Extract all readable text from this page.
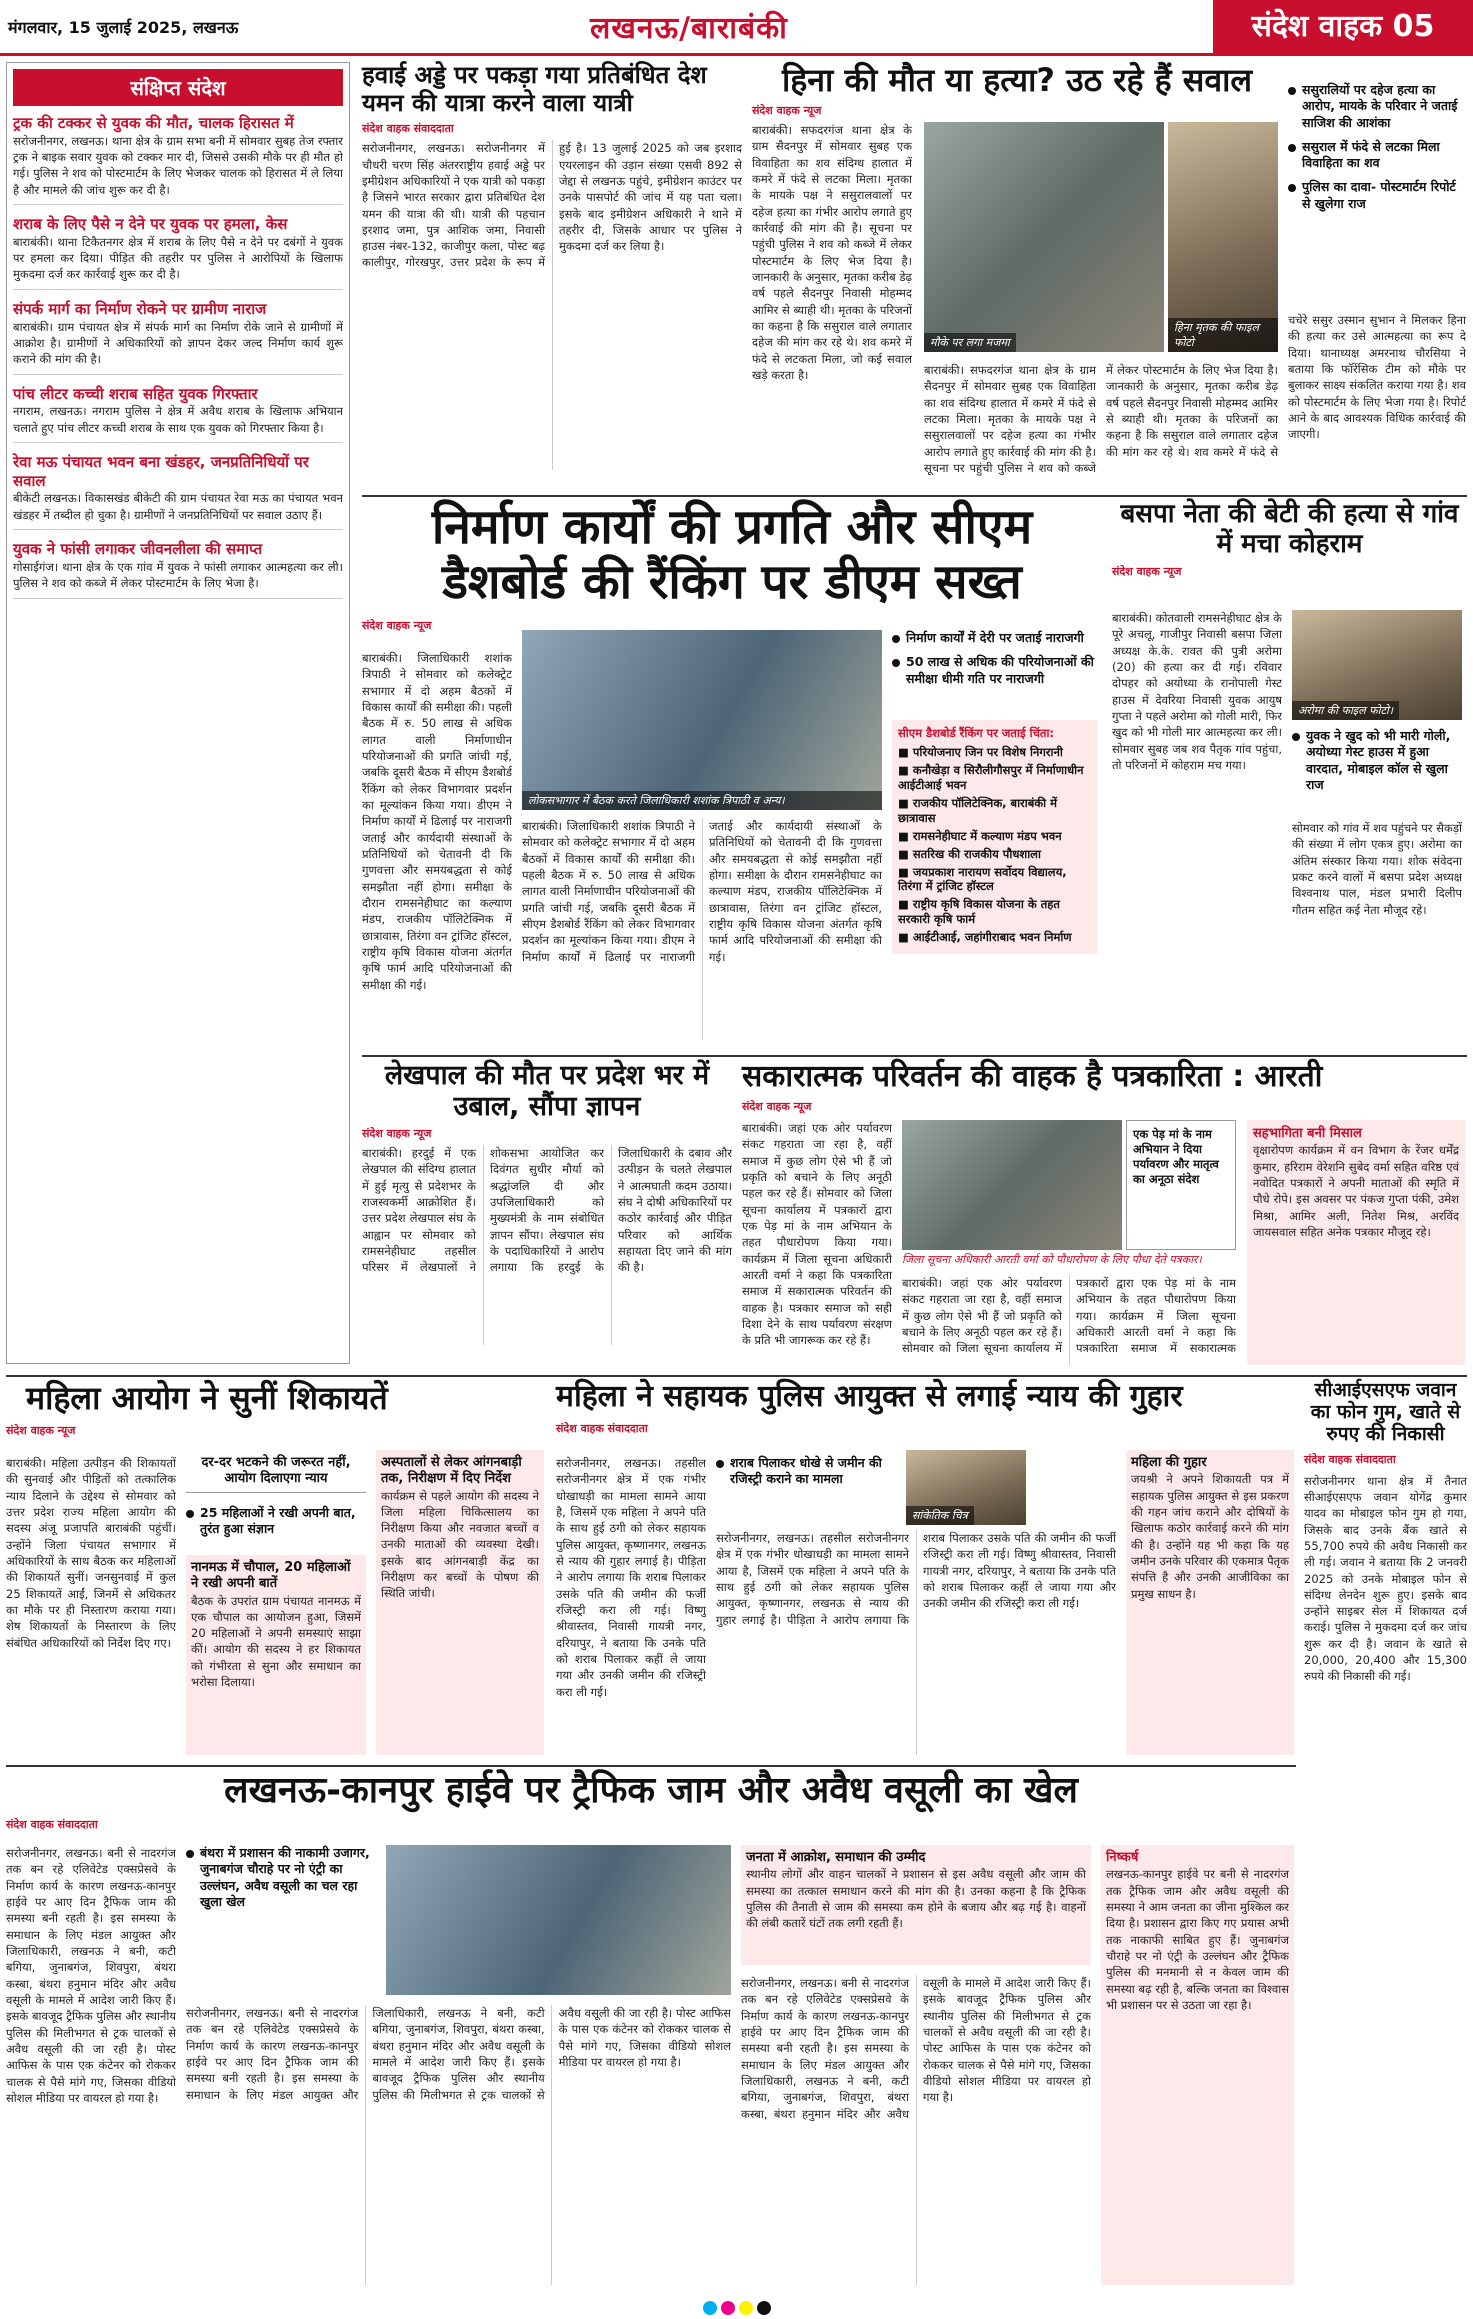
मंगलवार, 15 जुलाई 2025, लखनऊ	लखनऊ/बाराबंकी	संदेश वाहक 05
संक्षिप्त संदेश
ट्रक की टक्कर से युवक की मौत, चालक हिरासत में
सरोजनीनगर, लखनऊ। थाना क्षेत्र के ग्राम सभा बनी में सोमवार सुबह तेज रफ्तार ट्रक ने बाइक सवार युवक को टक्कर मार दी, जिससे उसकी मौके पर ही मौत हो गई। पुलिस ने शव को पोस्टमार्टम के लिए भेजकर चालक को हिरासत में ले लिया है और मामले की जांच शुरू कर दी है।
शराब के लिए पैसे न देने पर युवक पर हमला, केस
बाराबंकी। थाना टिकैतनगर क्षेत्र में शराब के लिए पैसे न देने पर दबंगों ने युवक पर हमला कर दिया। पीड़ित की तहरीर पर पुलिस ने आरोपियों के खिलाफ मुकदमा दर्ज कर कार्रवाई शुरू कर दी है।
संपर्क मार्ग का निर्माण रोकने पर ग्रामीण नाराज
बाराबंकी। ग्राम पंचायत क्षेत्र में संपर्क मार्ग का निर्माण रोके जाने से ग्रामीणों में आक्रोश है। ग्रामीणों ने अधिकारियों को ज्ञापन देकर जल्द निर्माण कार्य शुरू कराने की मांग की है।
पांच लीटर कच्ची शराब सहित युवक गिरफ्तार
नगराम, लखनऊ। नगराम पुलिस ने क्षेत्र में अवैध शराब के खिलाफ अभियान चलाते हुए पांच लीटर कच्ची शराब के साथ एक युवक को गिरफ्तार किया है।
रेवा मऊ पंचायत भवन बना खंडहर, जनप्रतिनिधियों पर सवाल
बीकेटी लखनऊ। विकासखंड बीकेटी की ग्राम पंचायत रेवा मऊ का पंचायत भवन खंडहर में तब्दील हो चुका है। ग्रामीणों ने जनप्रतिनिधियों पर सवाल उठाए हैं।
युवक ने फांसी लगाकर जीवनलीला की समाप्त
गोसाईगंज। थाना क्षेत्र के एक गांव में युवक ने फांसी लगाकर आत्महत्या कर ली। पुलिस ने शव को कब्जे में लेकर पोस्टमार्टम के लिए भेजा है।
हवाई अड्डे पर पकड़ा गया प्रतिबंधित देश यमन की यात्रा करने वाला यात्री
संदेश वाहक संवाददाता
सरोजनीनगर, लखनऊ। सरोजनीनगर में चौधरी चरण सिंह अंतरराष्ट्रीय हवाई अड्डे पर इमीग्रेशन अधिकारियों ने एक यात्री को पकड़ा है जिसने भारत सरकार द्वारा प्रतिबंधित देश यमन की यात्रा की थी। यात्री की पहचान इरशाद जमा, पुत्र आशिक जमा, निवासी हाउस नंबर-132, काजीपुर कला, पोस्ट बढ़ कालीपुर, गोरखपुर, उत्तर प्रदेश के रूप में हुई है। 13 जुलाई 2025 को जब इरशाद एयरलाइन की उड़ान संख्या एसवी 892 से जेद्दा से लखनऊ पहुंचे, इमीग्रेशन काउंटर पर उनके पासपोर्ट की जांच में यह पता चला। इसके बाद इमीग्रेशन अधिकारी ने थाने में तहरीर दी, जिसके आधार पर पुलिस ने मुकदमा दर्ज कर लिया है।
हिना की मौत या हत्या? उठ रहे हैं सवाल
संदेश वाहक न्यूज
बाराबंकी। सफदरगंज थाना क्षेत्र के ग्राम सैदनपुर में सोमवार सुबह एक विवाहिता का शव संदिग्ध हालात में कमरे में फंदे से लटका मिला। मृतका के मायके पक्ष ने ससुरालवालों पर दहेज हत्या का गंभीर आरोप लगाते हुए कार्रवाई की मांग की है। सूचना पर पहुंची पुलिस ने शव को कब्जे में लेकर पोस्टमार्टम के लिए भेज दिया है। जानकारी के अनुसार, मृतका करीब डेढ़ वर्ष पहले सैदनपुर निवासी मोहम्मद आमिर से ब्याही थी। मृतका के परिजनों का कहना है कि ससुराल वाले लगातार दहेज की मांग कर रहे थे। शव कमरे में फंदे से लटकता मिला, जो कई सवाल खड़े करता है।
मौके पर लगा मजमा
हिना मृतक की फाइल फोटो
बाराबंकी। सफदरगंज थाना क्षेत्र के ग्राम सैदनपुर में सोमवार सुबह एक विवाहिता का शव संदिग्ध हालात में कमरे में फंदे से लटका मिला। मृतका के मायके पक्ष ने ससुरालवालों पर दहेज हत्या का गंभीर आरोप लगाते हुए कार्रवाई की मांग की है। सूचना पर पहुंची पुलिस ने शव को कब्जे में लेकर पोस्टमार्टम के लिए भेज दिया है। जानकारी के अनुसार, मृतका करीब डेढ़ वर्ष पहले सैदनपुर निवासी मोहम्मद आमिर से ब्याही थी। मृतका के परिजनों का कहना है कि ससुराल वाले लगातार दहेज की मांग कर रहे थे। शव कमरे में फंदे से
ससुरालियों पर दहेज हत्या का आरोप, मायके के परिवार ने जताई साजिश की आशंका
ससुराल में फंदे से लटका मिला विवाहिता का शव
पुलिस का दावा- पोस्टमार्टम रिपोर्ट से खुलेगा राज
चचेरे ससुर उस्मान सुभान ने मिलकर हिना की हत्या कर उसे आत्महत्या का रूप दे दिया। थानाध्यक्ष अमरनाथ चौरसिया ने बताया कि फॉरेंसिक टीम को मौके पर बुलाकर साक्ष्य संकलित कराया गया है। शव को पोस्टमार्टम के लिए भेजा गया है। रिपोर्ट आने के बाद आवश्यक विधिक कार्रवाई की जाएगी।
निर्माण कार्यों की प्रगति और सीएम डैशबोर्ड की रैंकिंग पर डीएम सख्त
संदेश वाहक न्यूज
बाराबंकी। जिलाधिकारी शशांक त्रिपाठी ने सोमवार को कलेक्ट्रेट सभागार में दो अहम बैठकों में विकास कार्यों की समीक्षा की। पहली बैठक में रु. 50 लाख से अधिक लागत वाली निर्माणाधीन परियोजनाओं की प्रगति जांची गई, जबकि दूसरी बैठक में सीएम डैशबोर्ड रैंकिंग को लेकर विभागवार प्रदर्शन का मूल्यांकन किया गया। डीएम ने निर्माण कार्यों में ढिलाई पर नाराजगी जताई और कार्यदायी संस्थाओं के प्रतिनिधियों को चेतावनी दी कि गुणवत्ता और समयबद्धता से कोई समझौता नहीं होगा। समीक्षा के दौरान रामसनेहीघाट का कल्याण मंडप, राजकीय पॉलिटेक्निक में छात्रावास, तिरंगा वन ट्रांजिट हॉस्टल, राष्ट्रीय कृषि विकास योजना अंतर्गत कृषि फार्म आदि परियोजनाओं की समीक्षा की गई।
लोकसभागार में बैठक करते जिलाधिकारी शशांक त्रिपाठी व अन्य।
बाराबंकी। जिलाधिकारी शशांक त्रिपाठी ने सोमवार को कलेक्ट्रेट सभागार में दो अहम बैठकों में विकास कार्यों की समीक्षा की। पहली बैठक में रु. 50 लाख से अधिक लागत वाली निर्माणाधीन परियोजनाओं की प्रगति जांची गई, जबकि दूसरी बैठक में सीएम डैशबोर्ड रैंकिंग को लेकर विभागवार प्रदर्शन का मूल्यांकन किया गया। डीएम ने निर्माण कार्यों में ढिलाई पर नाराजगी जताई और कार्यदायी संस्थाओं के प्रतिनिधियों को चेतावनी दी कि गुणवत्ता और समयबद्धता से कोई समझौता नहीं होगा। समीक्षा के दौरान रामसनेहीघाट का कल्याण मंडप, राजकीय पॉलिटेक्निक में छात्रावास, तिरंगा वन ट्रांजिट हॉस्टल, राष्ट्रीय कृषि विकास योजना अंतर्गत कृषि फार्म आदि परियोजनाओं की समीक्षा की गई।
निर्माण कार्यों में देरी पर जताई नाराजगी
50 लाख से अधिक की परियोजनाओं की समीक्षा धीमी गति पर नाराजगी
सीएम डैशबोर्ड रैंकिंग पर जताई चिंता:
■ परियोजनाए जिन पर विशेष निगरानी
■ कनौखेड़ा व सिरौलीगौसपुर में निर्माणाधीन आईटीआई भवन
■ राजकीय पॉलिटेक्निक, बाराबंकी में छात्रावास
■ रामसनेहीघाट में कल्याण मंडप भवन
■ सतरिख की राजकीय पौधशाला
■ जयप्रकाश नारायण सर्वोदय विद्यालय, तिरंगा में ट्रांजिट हॉस्टल
■ राष्ट्रीय कृषि विकास योजना के तहत सरकारी कृषि फार्म
■ आईटीआई, जहांगीराबाद भवन निर्माण
बसपा नेता की बेटी की हत्या से गांव में मचा कोहराम
संदेश वाहक न्यूज
बाराबंकी। कोतवाली रामसनेहीघाट क्षेत्र के पूरे अचलू, गाजीपुर निवासी बसपा जिला अध्यक्ष के.के. रावत की पुत्री अरोमा (20) की हत्या कर दी गई। रविवार दोपहर को अयोध्या के रानोपाली गेस्ट हाउस में देवरिया निवासी युवक आयुष गुप्ता ने पहले अरोमा को गोली मारी, फिर खुद को भी गोली मार आत्महत्या कर ली। सोमवार सुबह जब शव पैतृक गांव पहुंचा, तो परिजनों में कोहराम मच गया।
अरोमा की फाइल फोटो।
युवक ने खुद को भी मारी गोली, अयोध्या गेस्ट हाउस में हुआ वारदात, मोबाइल कॉल से खुला राज
सोमवार को गांव में शव पहुंचने पर सैकड़ों की संख्या में लोग एकत्र हुए। अरोमा का अंतिम संस्कार किया गया। शोक संवेदना प्रकट करने वालों में बसपा प्रदेश अध्यक्ष विश्वनाथ पाल, मंडल प्रभारी दिलीप गौतम सहित कई नेता मौजूद रहे।
लेखपाल की मौत पर प्रदेश भर में उबाल, सौंपा ज्ञापन
संदेश वाहक न्यूज
बाराबंकी। हरदुई में एक लेखपाल की संदिग्ध हालात में हुई मृत्यु से प्रदेशभर के राजस्वकर्मी आक्रोशित हैं। उत्तर प्रदेश लेखपाल संघ के आह्वान पर सोमवार को रामसनेहीघाट तहसील परिसर में लेखपालों ने शोकसभा आयोजित कर दिवंगत सुधीर मौर्या को श्रद्धांजलि दी और उपजिलाधिकारी को मुख्यमंत्री के नाम संबोधित ज्ञापन सौंपा। लेखपाल संघ के पदाधिकारियों ने आरोप लगाया कि हरदुई के जिलाधिकारी के दबाव और उत्पीड़न के चलते लेखपाल ने आत्मघाती कदम उठाया। संघ ने दोषी अधिकारियों पर कठोर कार्रवाई और पीड़ित परिवार को आर्थिक सहायता दिए जाने की मांग की है।
सकारात्मक परिवर्तन की वाहक है पत्रकारिता : आरती
संदेश वाहक न्यूज
बाराबंकी। जहां एक ओर पर्यावरण संकट गहराता जा रहा है, वहीं समाज में कुछ लोग ऐसे भी हैं जो प्रकृति को बचाने के लिए अनूठी पहल कर रहे हैं। सोमवार को जिला सूचना कार्यालय में पत्रकारों द्वारा एक पेड़ मां के नाम अभियान के तहत पौधारोपण किया गया। कार्यक्रम में जिला सूचना अधिकारी आरती वर्मा ने कहा कि पत्रकारिता समाज में सकारात्मक परिवर्तन की वाहक है। पत्रकार समाज को सही दिशा देने के साथ पर्यावरण संरक्षण के प्रति भी जागरूक कर रहे हैं।
एक पेड़ मां के नाम अभियान ने दिया पर्यावरण और मातृत्व का अनूठा संदेश
जिला सूचना अधिकारी आरती वर्मा को पौधारोपण के लिए पौधा देते पत्रकार।
बाराबंकी। जहां एक ओर पर्यावरण संकट गहराता जा रहा है, वहीं समाज में कुछ लोग ऐसे भी हैं जो प्रकृति को बचाने के लिए अनूठी पहल कर रहे हैं। सोमवार को जिला सूचना कार्यालय में पत्रकारों द्वारा एक पेड़ मां के नाम अभियान के तहत पौधारोपण किया गया। कार्यक्रम में जिला सूचना अधिकारी आरती वर्मा ने कहा कि पत्रकारिता समाज में सकारात्मक
सहभागिता बनी मिसाल
वृक्षारोपण कार्यक्रम में वन विभाग के रेंजर धर्मेंद्र कुमार, हरिराम वेरेशनि सुबेद वर्मा सहित वरिष्ठ एवं नवोदित पत्रकारों ने अपनी माताओं की स्मृति में पौधे रोपे। इस अवसर पर पंकज गुप्ता पंकी, उमेश मिश्रा, आमिर अली, नितेश मिश्र, अरविंद जायसवाल सहित अनेक पत्रकार मौजूद रहे।
महिला आयोग ने सुनीं शिकायतें
संदेश वाहक न्यूज
बाराबंकी। महिला उत्पीड़न की शिकायतों की सुनवाई और पीड़ितों को तत्कालिक न्याय दिलाने के उद्देश्य से सोमवार को उत्तर प्रदेश राज्य महिला आयोग की सदस्य अंजू प्रजापति बाराबंकी पहुंचीं। उन्होंने जिला पंचायत सभागार में अधिकारियों के साथ बैठक कर महिलाओं की शिकायतें सुनीं। जनसुनवाई में कुल 25 शिकायतें आईं, जिनमें से अधिकतर का मौके पर ही निस्तारण कराया गया। शेष शिकायतों के निस्तारण के लिए संबंधित अधिकारियों को निर्देश दिए गए।
दर-दर भटकने की जरूरत नहीं, आयोग दिलाएगा न्याय
25 महिलाओं ने रखी अपनी बात, तुरंत हुआ संज्ञान
नानमऊ में चौपाल, 20 महिलाओं ने रखी अपनी बातें
बैठक के उपरांत ग्राम पंचायत नानमऊ में एक चौपाल का आयोजन हुआ, जिसमें 20 महिलाओं ने अपनी समस्याएं साझा कीं। आयोग की सदस्य ने हर शिकायत को गंभीरता से सुना और समाधान का भरोसा दिलाया।
अस्पतालों से लेकर आंगनबाड़ी तक, निरीक्षण में दिए निर्देश
कार्यक्रम से पहले आयोग की सदस्य ने जिला महिला चिकित्सालय का निरीक्षण किया और नवजात बच्चों व उनकी माताओं की व्यवस्था देखी। इसके बाद आंगनबाड़ी केंद्र का निरीक्षण कर बच्चों के पोषण की स्थिति जांची।
महिला ने सहायक पुलिस आयुक्त से लगाई न्याय की गुहार
संदेश वाहक संवाददाता
सरोजनीनगर, लखनऊ। तहसील सरोजनीनगर क्षेत्र में एक गंभीर धोखाधड़ी का मामला सामने आया है, जिसमें एक महिला ने अपने पति के साथ हुई ठगी को लेकर सहायक पुलिस आयुक्त, कृष्णानगर, लखनऊ से न्याय की गुहार लगाई है। पीड़िता ने आरोप लगाया कि शराब पिलाकर उसके पति की जमीन की फर्जी रजिस्ट्री करा ली गई। विष्णु श्रीवास्तव, निवासी गायत्री नगर, दरियापुर, ने बताया कि उनके पति को शराब पिलाकर कहीं ले जाया गया और उनकी जमीन की रजिस्ट्री करा ली गई।
शराब पिलाकर धोखे से जमीन की रजिस्ट्री कराने का मामला
सरोजनीनगर, लखनऊ। तहसील सरोजनीनगर क्षेत्र में एक गंभीर धोखाधड़ी का मामला सामने आया है, जिसमें एक महिला ने अपने पति के साथ हुई ठगी को लेकर सहायक पुलिस आयुक्त, कृष्णानगर, लखनऊ से न्याय की गुहार लगाई है। पीड़िता ने आरोप लगाया कि शराब पिलाकर उसके पति की जमीन की फर्जी रजिस्ट्री करा ली गई। विष्णु श्रीवास्तव, निवासी गायत्री नगर, दरियापुर, ने बताया कि उनके पति को शराब पिलाकर कहीं ले जाया गया और उनकी जमीन की रजिस्ट्री करा ली गई।
सांकेतिक चित्र
महिला की गुहार
जयश्री ने अपने शिकायती पत्र में सहायक पुलिस आयुक्त से इस प्रकरण की गहन जांच कराने और दोषियों के खिलाफ कठोर कार्रवाई करने की मांग की है। उन्होंने यह भी कहा कि यह जमीन उनके परिवार की एकमात्र पैतृक संपत्ति है और उनकी आजीविका का प्रमुख साधन है।
सीआईएसएफ जवान का फोन गुम, खाते से रुपए की निकासी
संदेश वाहक संवाददाता
सरोजनीनगर थाना क्षेत्र में तैनात सीआईएसएफ जवान योगेंद्र कुमार यादव का मोबाइल फोन गुम हो गया, जिसके बाद उनके बैंक खाते से 55,700 रुपये की अवैध निकासी कर ली गई। जवान ने बताया कि 2 जनवरी 2025 को उनके मोबाइल फोन से संदिग्ध लेनदेन शुरू हुए। इसके बाद उन्होंने साइबर सेल में शिकायत दर्ज कराई। पुलिस ने मुकदमा दर्ज कर जांच शुरू कर दी है। जवान के खाते से 20,000, 20,400 और 15,300 रुपये की निकासी की गई।
लखनऊ-कानपुर हाईवे पर ट्रैफिक जाम और अवैध वसूली का खेल
संदेश वाहक संवाददाता
सरोजनीनगर, लखनऊ। बनी से नादरगंज तक बन रहे एलिवेटेड एक्सप्रेसवे के निर्माण कार्य के कारण लखनऊ-कानपुर हाईवे पर आए दिन ट्रैफिक जाम की समस्या बनी रहती है। इस समस्या के समाधान के लिए मंडल आयुक्त और जिलाधिकारी, लखनऊ ने बनी, कटी बगिया, जुनाबगंज, शिवपुरा, बंथरा कस्बा, बंथरा हनुमान मंदिर और अवैध वसूली के मामले में आदेश जारी किए हैं। इसके बावजूद ट्रैफिक पुलिस और स्थानीय पुलिस की मिलीभगत से ट्रक चालकों से अवैध वसूली की जा रही है। पोस्ट आफिस के पास एक कंटेनर को रोककर चालक से पैसे मांगे गए, जिसका वीडियो सोशल मीडिया पर वायरल हो गया है।
बंथरा में प्रशासन की नाकामी उजागर, जुनाबगंज चौराहे पर नो एंट्री का उल्लंघन, अवैध वसूली का चल रहा खुला खेल
सरोजनीनगर, लखनऊ। बनी से नादरगंज तक बन रहे एलिवेटेड एक्सप्रेसवे के निर्माण कार्य के कारण लखनऊ-कानपुर हाईवे पर आए दिन ट्रैफिक जाम की समस्या बनी रहती है। इस समस्या के समाधान के लिए मंडल आयुक्त और जिलाधिकारी, लखनऊ ने बनी, कटी बगिया, जुनाबगंज, शिवपुरा, बंथरा कस्बा, बंथरा हनुमान मंदिर और अवैध वसूली के मामले में आदेश जारी किए हैं। इसके बावजूद ट्रैफिक पुलिस और स्थानीय पुलिस की मिलीभगत से ट्रक चालकों से अवैध वसूली की जा रही है। पोस्ट आफिस के पास एक कंटेनर को रोककर चालक से पैसे मांगे गए, जिसका वीडियो सोशल मीडिया पर वायरल हो गया है।
जनता में आक्रोश, समाधान की उम्मीद
स्थानीय लोगों और वाहन चालकों ने प्रशासन से इस अवैध वसूली और जाम की समस्या का तत्काल समाधान करने की मांग की है। उनका कहना है कि ट्रैफिक पुलिस की तैनाती से जाम की समस्या कम होने के बजाय और बढ़ गई है। वाहनों की लंबी कतारें घंटों तक लगी रहती हैं।
सरोजनीनगर, लखनऊ। बनी से नादरगंज तक बन रहे एलिवेटेड एक्सप्रेसवे के निर्माण कार्य के कारण लखनऊ-कानपुर हाईवे पर आए दिन ट्रैफिक जाम की समस्या बनी रहती है। इस समस्या के समाधान के लिए मंडल आयुक्त और जिलाधिकारी, लखनऊ ने बनी, कटी बगिया, जुनाबगंज, शिवपुरा, बंथरा कस्बा, बंथरा हनुमान मंदिर और अवैध वसूली के मामले में आदेश जारी किए हैं। इसके बावजूद ट्रैफिक पुलिस और स्थानीय पुलिस की मिलीभगत से ट्रक चालकों से अवैध वसूली की जा रही है। पोस्ट आफिस के पास एक कंटेनर को रोककर चालक से पैसे मांगे गए, जिसका वीडियो सोशल मीडिया पर वायरल हो गया है।
निष्कर्ष
लखनऊ-कानपुर हाईवे पर बनी से नादरगंज तक ट्रैफिक जाम और अवैध वसूली की समस्या ने आम जनता का जीना मुश्किल कर दिया है। प्रशासन द्वारा किए गए प्रयास अभी तक नाकाफी साबित हुए हैं। जुनाबगंज चौराहे पर नो एंट्री के उल्लंघन और ट्रैफिक पुलिस की मनमानी से न केवल जाम की समस्या बढ़ रही है, बल्कि जनता का विश्वास भी प्रशासन पर से उठता जा रहा है।
